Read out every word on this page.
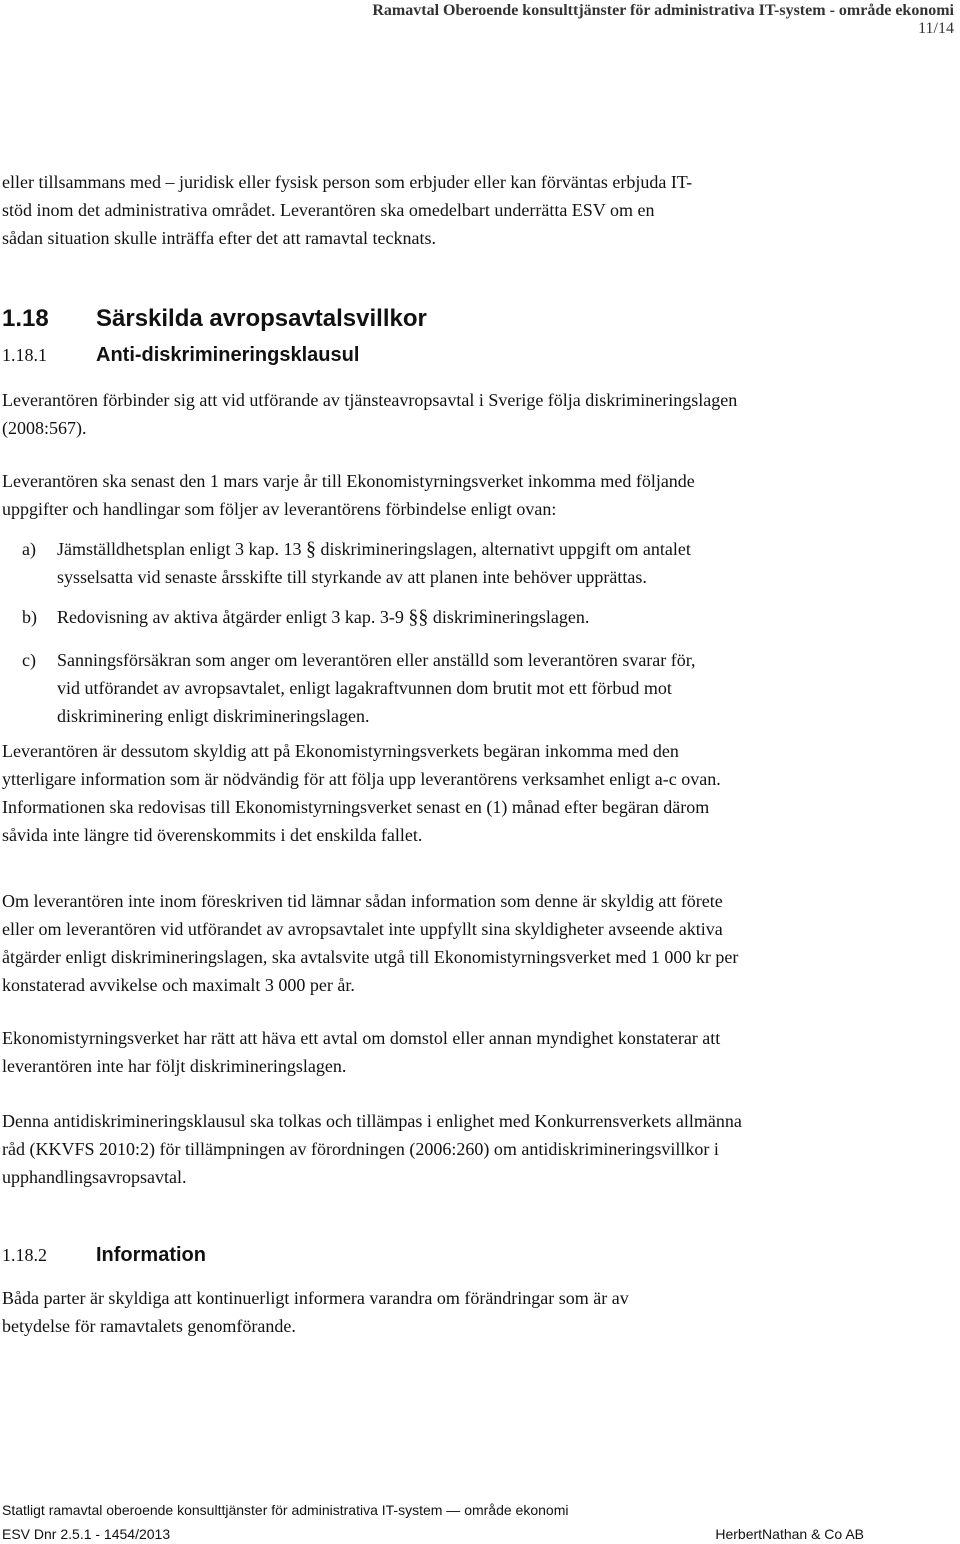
Ramavtal Oberoende konsulttjänster för administrativa IT-system - område ekonomi
11/14
eller tillsammans med – juridisk eller fysisk person som erbjuder eller kan förväntas erbjuda IT-
stöd inom det administrativa området. Leverantören ska omedelbart underrätta ESV om en
sådan situation skulle inträffa efter det att ramavtal tecknats.
1.18 Särskilda avropsavtalsvillkor
1.18.1 Anti-diskrimineringsklausul
Leverantören förbinder sig att vid utförande av tjänsteavropsavtal i Sverige följa diskrimineringslagen
(2008:567).
Leverantören ska senast den 1 mars varje år till Ekonomistyrningsverket inkomma med följande
uppgifter och handlingar som följer av leverantörens förbindelse enligt ovan:
a) Jämställdhetsplan enligt 3 kap. 13 § diskrimineringslagen, alternativt uppgift om antalet
sysselsatta vid senaste årsskifte till styrkande av att planen inte behöver upprättas.
b) Redovisning av aktiva åtgärder enligt 3 kap. 3-9 §§ diskrimineringslagen.
c) Sanningsförsäkran som anger om leverantören eller anställd som leverantören svarar för,
vid utförandet av avropsavtalet, enligt lagakraftvunnen dom brutit mot ett förbud mot
diskriminering enligt diskrimineringslagen.
Leverantören är dessutom skyldig att på Ekonomistyrningsverkets begäran inkomma med den
ytterligare information som är nödvändig för att följa upp leverantörens verksamhet enligt a-c ovan.
Informationen ska redovisas till Ekonomistyrningsverket senast en (1) månad efter begäran därom
såvida inte längre tid överenskommits i det enskilda fallet.
Om leverantören inte inom föreskriven tid lämnar sådan information som denne är skyldig att förete
eller om leverantören vid utförandet av avropsavtalet inte uppfyllt sina skyldigheter avseende aktiva
åtgärder enligt diskrimineringslagen, ska avtalsvite utgå till Ekonomistyrningsverket med 1 000 kr per
konstaterad avvikelse och maximalt 3 000 per år.
Ekonomistyrningsverket har rätt att häva ett avtal om domstol eller annan myndighet konstaterar att
leverantören inte har följt diskrimineringslagen.
Denna antidiskrimineringsklausul ska tolkas och tillämpas i enlighet med Konkurrensverkets allmänna
råd (KKVFS 2010:2) för tillämpningen av förordningen (2006:260) om antidiskrimineringsvillkor i
upphandlingsavropsavtal.
1.18.2 Information
Båda parter är skyldiga att kontinuerligt informera varandra om förändringar som är av
betydelse för ramavtalets genomförande.
Statligt ramavtal oberoende konsulttjänster för administrativa IT-system — område ekonomi
ESV Dnr 2.5.1 - 1454/2013	HerbertNathan & Co AB
